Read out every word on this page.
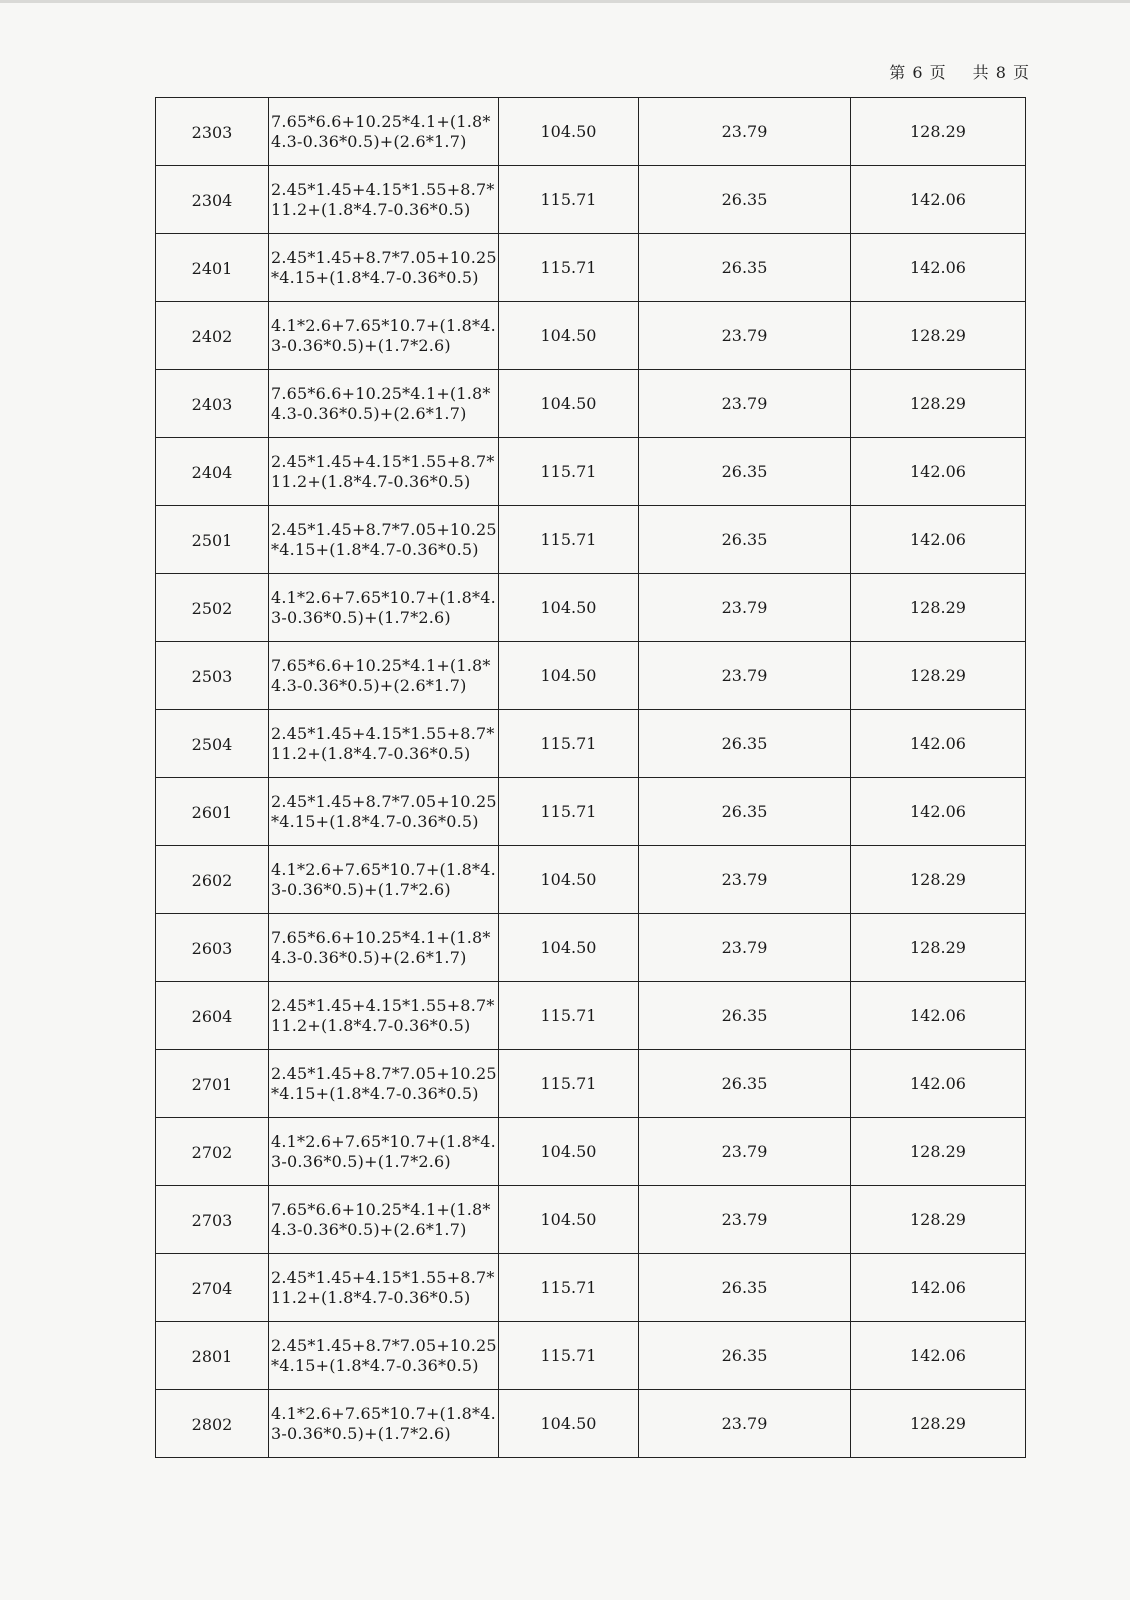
第 6 页 共 8 页
2303	7.65*6.6+10.25*4.1+(1.8*4.3-0.36*0.5)+(2.6*1.7)	104.50	23.79	128.29
2304	2.45*1.45+4.15*1.55+8.7*11.2+(1.8*4.7-0.36*0.5)	115.71	26.35	142.06
2401	2.45*1.45+8.7*7.05+10.25*4.15+(1.8*4.7-0.36*0.5)	115.71	26.35	142.06
2402	4.1*2.6+7.65*10.7+(1.8*4.3-0.36*0.5)+(1.7*2.6)	104.50	23.79	128.29
2403	7.65*6.6+10.25*4.1+(1.8*4.3-0.36*0.5)+(2.6*1.7)	104.50	23.79	128.29
2404	2.45*1.45+4.15*1.55+8.7*11.2+(1.8*4.7-0.36*0.5)	115.71	26.35	142.06
2501	2.45*1.45+8.7*7.05+10.25*4.15+(1.8*4.7-0.36*0.5)	115.71	26.35	142.06
2502	4.1*2.6+7.65*10.7+(1.8*4.3-0.36*0.5)+(1.7*2.6)	104.50	23.79	128.29
2503	7.65*6.6+10.25*4.1+(1.8*4.3-0.36*0.5)+(2.6*1.7)	104.50	23.79	128.29
2504	2.45*1.45+4.15*1.55+8.7*11.2+(1.8*4.7-0.36*0.5)	115.71	26.35	142.06
2601	2.45*1.45+8.7*7.05+10.25*4.15+(1.8*4.7-0.36*0.5)	115.71	26.35	142.06
2602	4.1*2.6+7.65*10.7+(1.8*4.3-0.36*0.5)+(1.7*2.6)	104.50	23.79	128.29
2603	7.65*6.6+10.25*4.1+(1.8*4.3-0.36*0.5)+(2.6*1.7)	104.50	23.79	128.29
2604	2.45*1.45+4.15*1.55+8.7*11.2+(1.8*4.7-0.36*0.5)	115.71	26.35	142.06
2701	2.45*1.45+8.7*7.05+10.25*4.15+(1.8*4.7-0.36*0.5)	115.71	26.35	142.06
2702	4.1*2.6+7.65*10.7+(1.8*4.3-0.36*0.5)+(1.7*2.6)	104.50	23.79	128.29
2703	7.65*6.6+10.25*4.1+(1.8*4.3-0.36*0.5)+(2.6*1.7)	104.50	23.79	128.29
2704	2.45*1.45+4.15*1.55+8.7*11.2+(1.8*4.7-0.36*0.5)	115.71	26.35	142.06
2801	2.45*1.45+8.7*7.05+10.25*4.15+(1.8*4.7-0.36*0.5)	115.71	26.35	142.06
2802	4.1*2.6+7.65*10.7+(1.8*4.3-0.36*0.5)+(1.7*2.6)	104.50	23.79	128.29
